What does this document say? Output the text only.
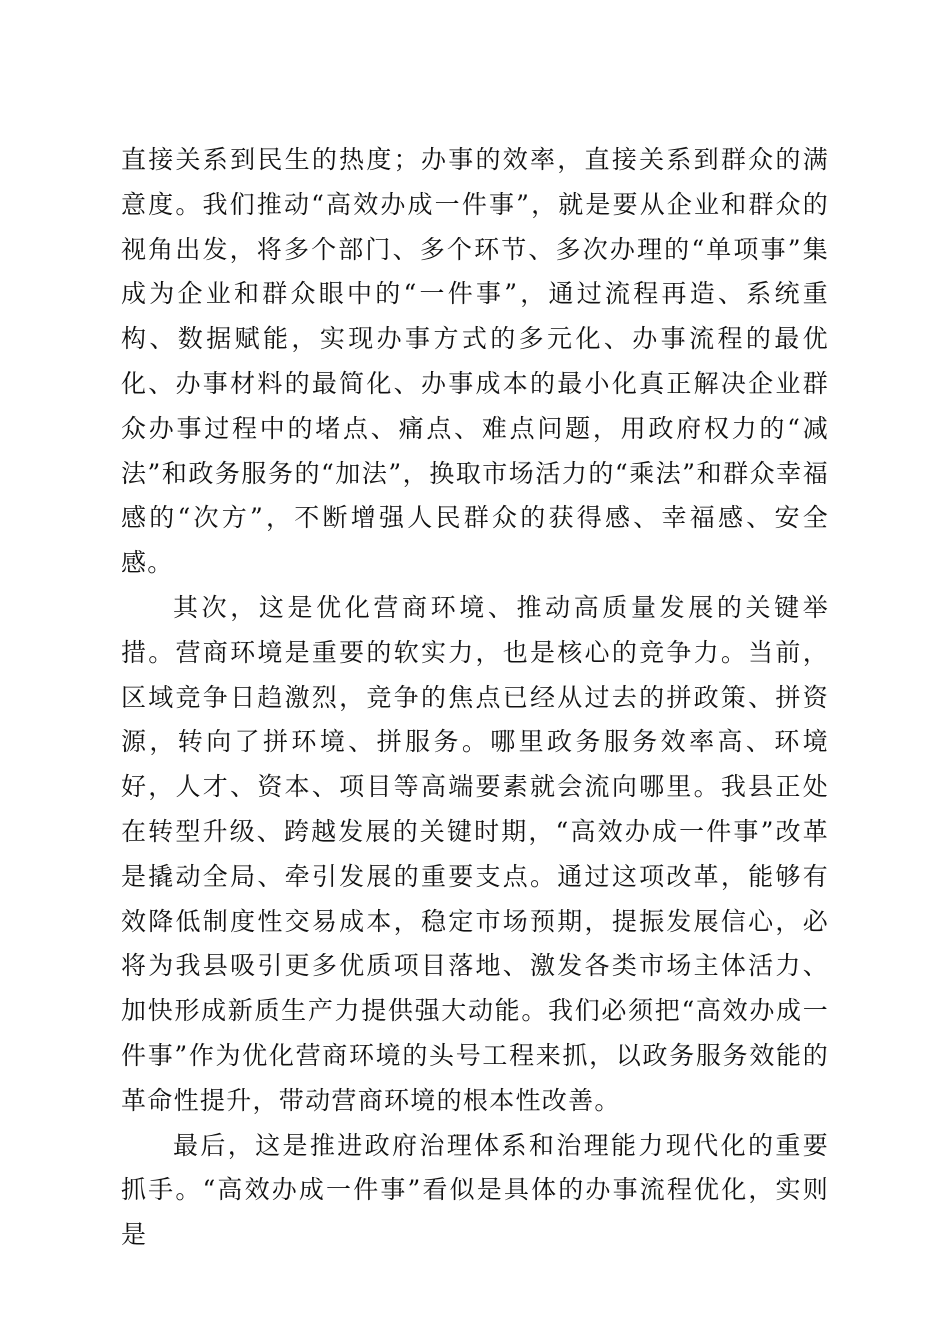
直接关系到民生的热度；办事的效率，直接关系到群众的满意度。我们推动“高效办成一件事”，就是要从企业和群众的视角出发，将多个部门、多个环节、多次办理的“单项事”集成为企业和群众眼中的“一件事”，通过流程再造、系统重构、数据赋能，实现办事方式的多元化、办事流程的最优化、办事材料的最简化、办事成本的最小化真正解决企业群众办事过程中的堵点、痛点、难点问题，用政府权力的“减法”和政务服务的“加法”，换取市场活力的“乘法”和群众幸福感的“次方”，不断增强人民群众的获得感、幸福感、安全感。

其次，这是优化营商环境、推动高质量发展的关键举措。营商环境是重要的软实力，也是核心的竞争力。当前，区域竞争日趋激烈，竞争的焦点已经从过去的拼政策、拼资源，转向了拼环境、拼服务。哪里政务服务效率高、环境好，人才、资本、项目等高端要素就会流向哪里。我县正处在转型升级、跨越发展的关键时期，“高效办成一件事”改革是撬动全局、牵引发展的重要支点。通过这项改革，能够有效降低制度性交易成本，稳定市场预期，提振发展信心，必将为我县吸引更多优质项目落地、激发各类市场主体活力、加快形成新质生产力提供强大动能。我们必须把“高效办成一件事”作为优化营商环境的头号工程来抓，以政务服务效能的革命性提升，带动营商环境的根本性改善。

最后，这是推进政府治理体系和治理能力现代化的重要抓手。“高效办成一件事”看似是具体的办事流程优化，实则是
